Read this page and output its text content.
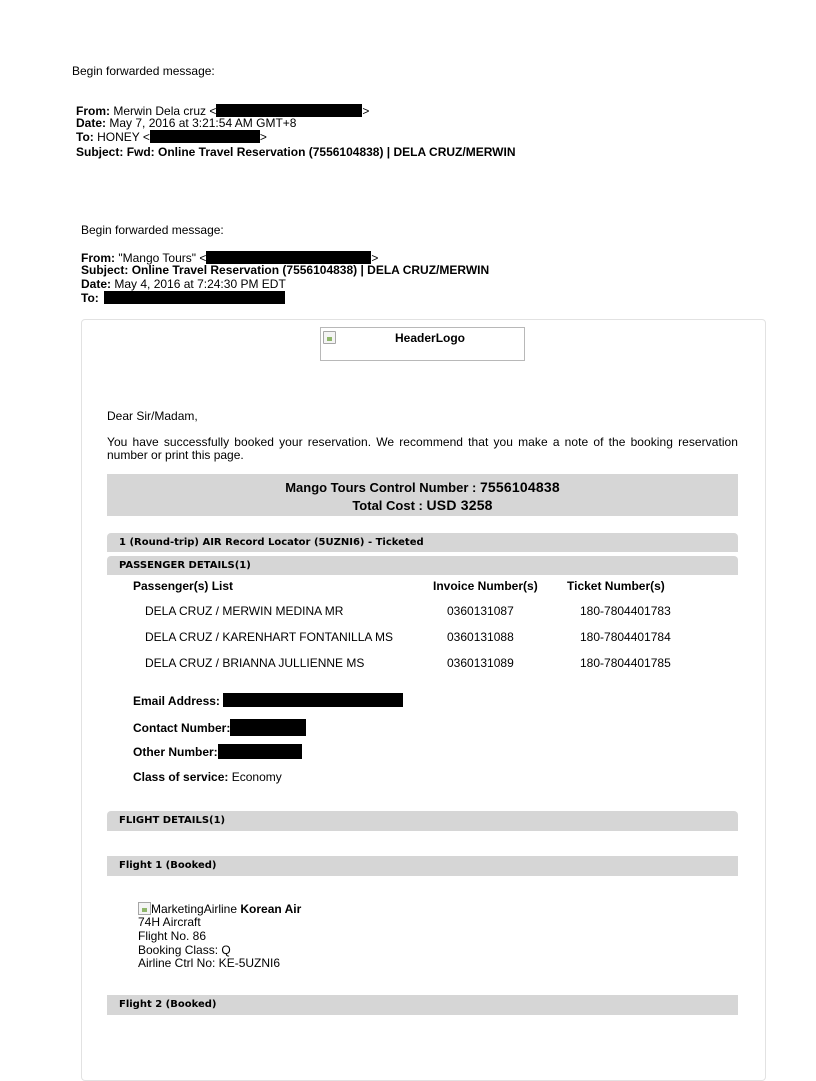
Begin forwarded message:
From: Merwin Dela cruz <	>
Date: May 7, 2016 at 3:21:54 AM GMT+8
To: HONEY <	>
Subject: Fwd: Online Travel Reservation (7556104838) | DELA CRUZ/MERWIN
Begin forwarded message:
From: "Mango Tours" <	>
Subject: Online Travel Reservation (7556104838) | DELA CRUZ/MERWIN
Date: May 4, 2016 at 7:24:30 PM EDT
To:
HeaderLogo
Dear Sir/Madam,
You have successfully booked your reservation. We recommend that you make a note of the booking reservation
number or print this page.
Mango Tours Control Number : 7556104838
Total Cost : USD 3258
1 (Round-trip) AIR Record Locator (5UZNI6) - Ticketed
PASSENGER DETAILS(1)
Passenger(s) List	Invoice Number(s) Ticket Number(s)
DELA CRUZ / MERWIN MEDINA MR	0360131087	180-7804401783
DELA CRUZ / KARENHART FONTANILLA MS	0360131088	180-7804401784
DELA CRUZ / BRIANNA JULLIENNE MS	0360131089	180-7804401785
Email Address:
Contact Number:
Other Number:
Class of service: Economy
FLIGHT DETAILS(1)
Flight 1 (Booked)
MarketingAirline Korean Air
74H Aircraft
Flight No. 86
Booking Class: Q
Airline Ctrl No: KE-5UZNI6
Flight 2 (Booked)
